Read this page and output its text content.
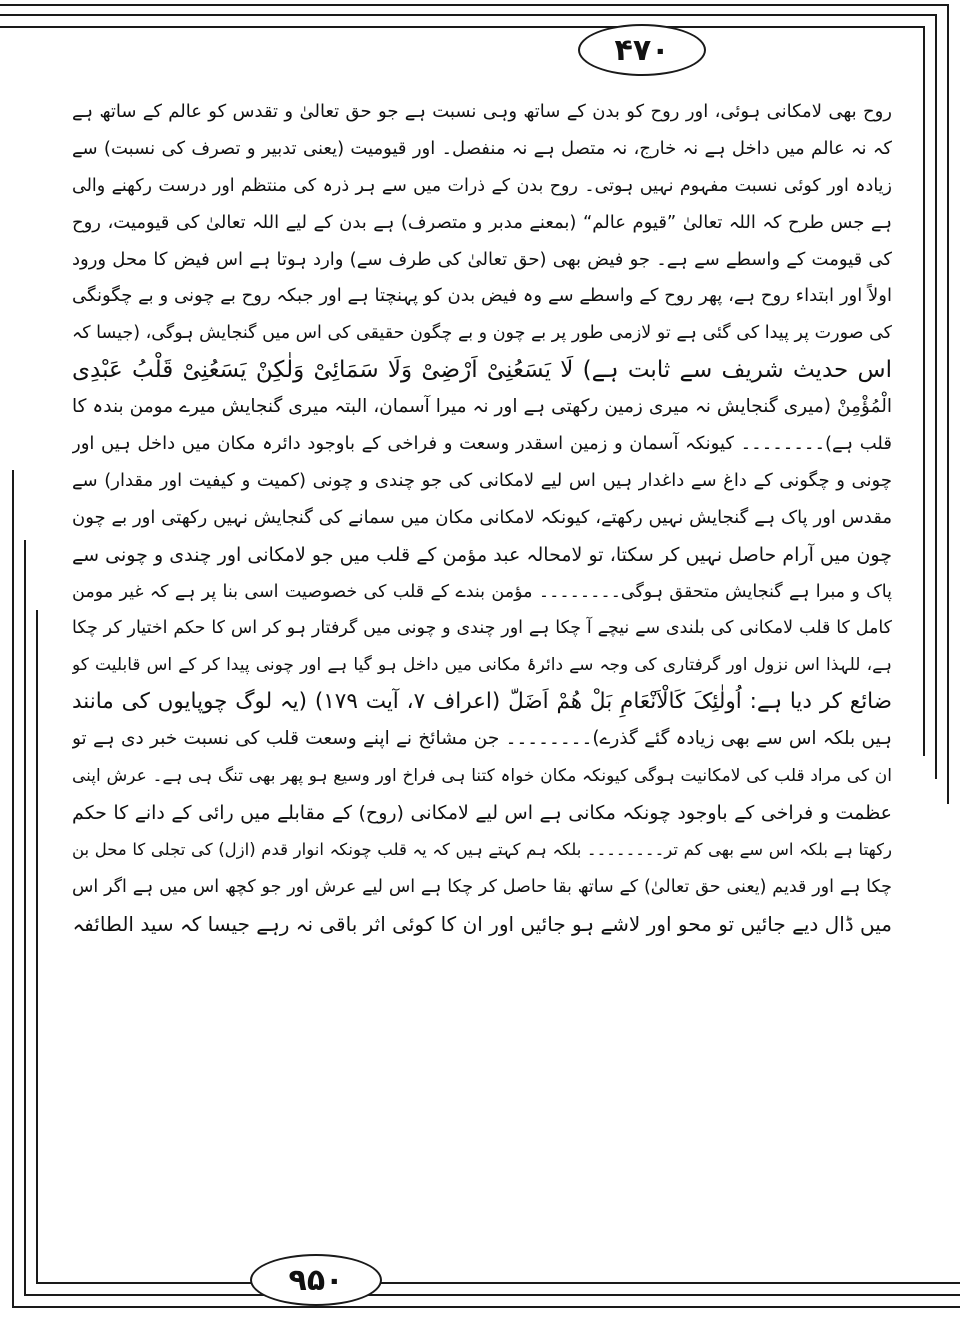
۴۷۰
۹۵۰
روح بھی لامکانی ہوئی، اور روح کو بدن کے ساتھ وہی نسبت ہے جو حق تعالیٰ و تقدس کو عالم کے ساتھ ہے
کہ نہ عالم میں داخل ہے نہ خارج، نہ متصل ہے نہ منفصل۔ اور قیومیت (یعنی تدبیر و تصرف کی نسبت) سے
زیادہ اور کوئی نسبت مفہوم نہیں ہوتی۔ روح بدن کے ذرات میں سے ہر ذرہ کی منتظم اور درست رکھنے والی
ہے جس طرح کہ اللہ تعالیٰ ”قیوم عالم“ (بمعنے مدبر و متصرف) ہے بدن کے لیے اللہ تعالیٰ کی قیومیت، روح
کی قیومت کے واسطے سے ہے۔ جو فیض بھی (حق تعالیٰ کی طرف سے) وارد ہوتا ہے اس فیض کا محل ورود
اولاً اور ابتداء روح ہے، پھر روح کے واسطے سے وہ فیض بدن کو پہنچتا ہے اور جبکہ روح بے چونی و بے چگونگی
کی صورت پر پیدا کی گئی ہے تو لازمی طور پر بے چون و بے چگون حقیقی کی اس میں گنجایش ہوگی، (جیسا کہ
اس حدیث شریف سے ثابت ہے) لَا یَسَعُنِیْ اَرْضِیْ وَلَا سَمَائِیْ وَلٰکِنْ یَسَعُنِیْ قَلْبُ عَبْدِی
الْمُؤْمِنْ (میری گنجایش نہ میری زمین رکھتی ہے اور نہ میرا آسمان، البتہ میری گنجایش میرے مومن بندہ کا
قلب ہے)۔۔۔۔۔۔۔۔ کیونکہ آسمان و زمین اسقدر وسعت و فراخی کے باوجود دائرہ مکان میں داخل ہیں اور
چونی و چگونی کے داغ سے داغدار ہیں اس لیے لامکانی کی جو چندی و چونی (کمیت و کیفیت اور مقدار) سے
مقدس اور پاک ہے گنجایش نہیں رکھتے، کیونکہ لامکانی مکان میں سمانے کی گنجایش نہیں رکھتی اور بے چون
چون میں آرام حاصل نہیں کر سکتا، تو لامحالہ عبد مؤمن کے قلب میں جو لامکانی اور چندی و چونی سے
پاک و مبرا ہے گنجایش متحقق ہوگی۔۔۔۔۔۔۔۔ مؤمن بندے کے قلب کی خصوصیت اسی بنا پر ہے کہ غیر مومن
کامل کا قلب لامکانی کی بلندی سے نیچے آ چکا ہے اور چندی و چونی میں گرفتار ہو کر اس کا حکم اختیار کر چکا
ہے، للہذا اس نزول اور گرفتاری کی وجہ سے دائرۂ مکانی میں داخل ہو گیا ہے اور چونی پیدا کر کے اس قابلیت کو
ضائع کر دیا ہے: اُولٰئِکَ کَالْاَنْعَامِ بَلْ ھُمْ اَضَلّ (اعراف ۷، آیت ۱۷۹) (یہ لوگ چوپایوں کی مانند
ہیں بلکہ اس سے بھی زیادہ گئے گذرے)۔۔۔۔۔۔۔۔ جن مشائخ نے اپنے وسعت قلب کی نسبت خبر دی ہے تو
ان کی مراد قلب کی لامکانیت ہوگی کیونکہ مکان خواہ کتنا ہی فراخ اور وسیع ہو پھر بھی تنگ ہی ہے۔ عرش اپنی
عظمت و فراخی کے باوجود چونکہ مکانی ہے اس لیے لامکانی (روح) کے مقابلے میں رائی کے دانے کا حکم
رکھتا ہے بلکہ اس سے بھی کم تر۔۔۔۔۔۔۔۔ بلکہ ہم کہتے ہیں کہ یہ قلب چونکہ انوار قدم (ازل) کی تجلی کا محل بن
چکا ہے اور قدیم (یعنی حق تعالیٰ) کے ساتھ بقا حاصل کر چکا ہے اس لیے عرش اور جو کچھ اس میں ہے اگر اس
میں ڈال دیے جائیں تو محو اور لاشے ہو جائیں اور ان کا کوئی اثر باقی نہ رہے جیسا کہ سید الطائفہ
